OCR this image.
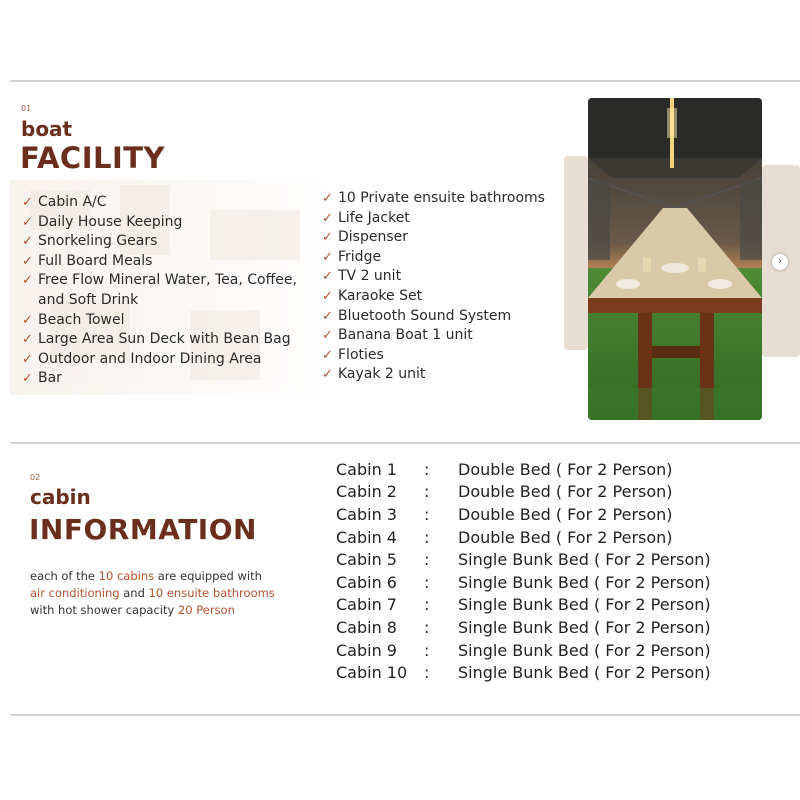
01
boat
FACILITY
✓ Cabin A/C
✓ Daily House Keeping
✓ Snorkeling Gears
✓ Full Board Meals
✓ Free Flow Mineral Water, Tea, Coffee,
and Soft Drink
✓ Beach Towel
✓ Large Area Sun Deck with Bean Bag
✓ Outdoor and Indoor Dining Area
✓ Bar
✓ 10 Private ensuite bathrooms
✓ Life Jacket
✓ Dispenser
✓ Fridge
✓ TV 2 unit
✓ Karaoke Set
✓ Bluetooth Sound System
✓ Banana Boat 1 unit
✓ Floties
✓ Kayak 2 unit
›
02
cabin
INFORMATION
each of the 10 cabins are equipped with air conditioning and 10 ensuite bathrooms with hot shower capacity 20 Person
Cabin 1	:	Double Bed ( For 2 Person)
Cabin 2	:	Double Bed ( For 2 Person)
Cabin 3	:	Double Bed ( For 2 Person)
Cabin 4	:	Double Bed ( For 2 Person)
Cabin 5	:	Single Bunk Bed ( For 2 Person)
Cabin 6	:	Single Bunk Bed ( For 2 Person)
Cabin 7	:	Single Bunk Bed ( For 2 Person)
Cabin 8	:	Single Bunk Bed ( For 2 Person)
Cabin 9	:	Single Bunk Bed ( For 2 Person)
Cabin 10	:	Single Bunk Bed ( For 2 Person)
